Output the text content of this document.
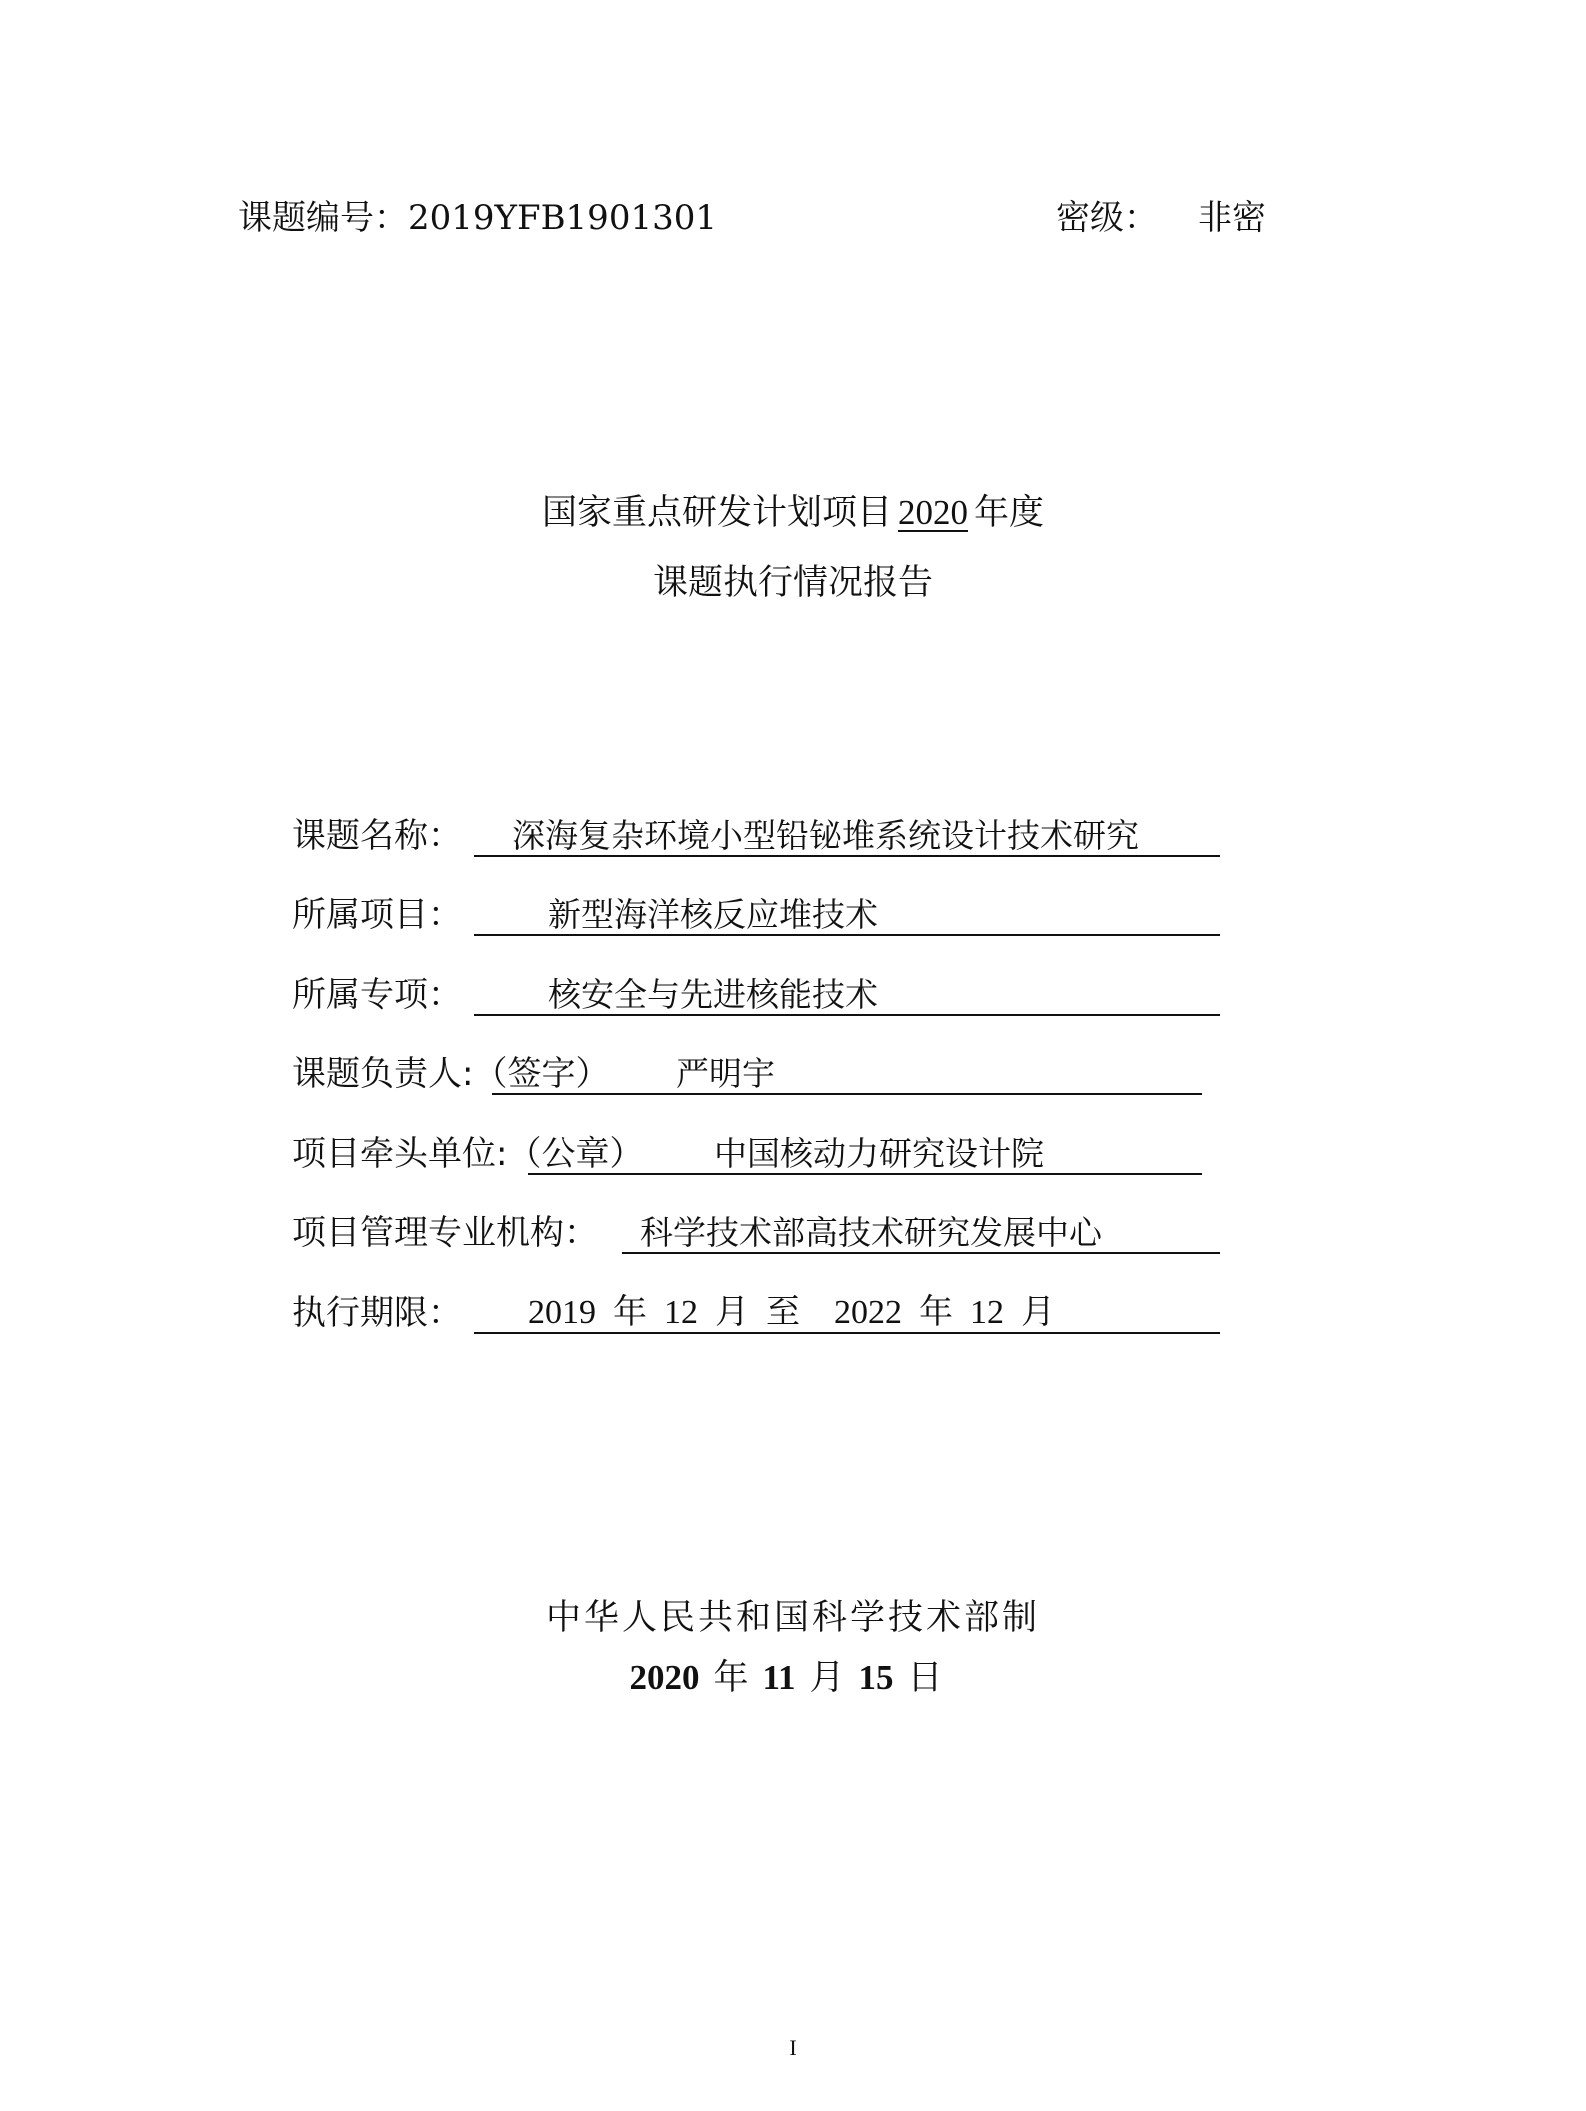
课题编号：2019YFB1901301	密级： 非密
国家重点研发计划项目 2020 年度
课题执行情况报告
课题名称： 深海复杂环境小型铅铋堆系统设计技术研究
所属项目：	新型海洋核反应堆技术
所属专项：	核安全与先进核能技术
课题负责人:（签字） 严明宇
项目牵头单位:（公章） 中国核动力研究设计院
项目管理专业机构： 科学技术部高技术研究发展中心
执行期限： 2019  年  12  月  至    2022  年  12  月
中华人民共和国科学技术部制
2020 年 11 月 15 日
I
